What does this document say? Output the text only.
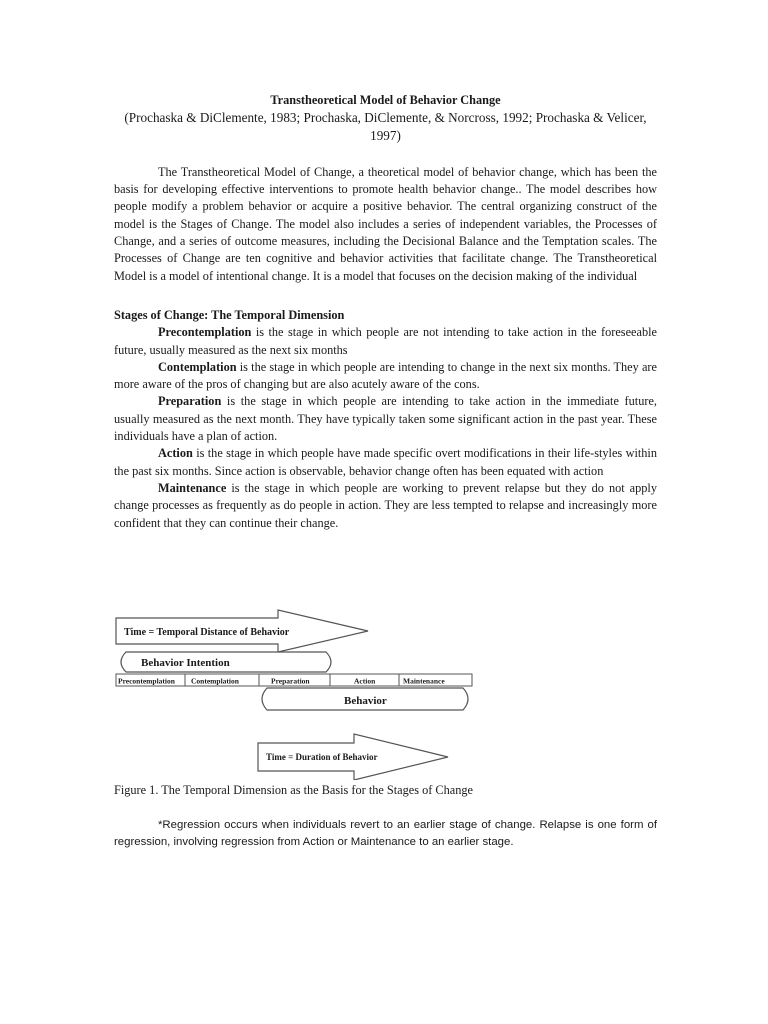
Transtheoretical Model of Behavior Change

(Prochaska & DiClemente, 1983; Prochaska, DiClemente, & Norcross, 1992; Prochaska & Velicer, 1997)

The Transtheoretical Model of Change, a theoretical model of behavior change, which has been the basis for developing effective interventions to promote health behavior change.. The model describes how people modify a problem behavior or acquire a positive behavior. The central organizing construct of the model is the Stages of Change. The model also includes a series of independent variables, the Processes of Change, and a series of outcome measures, including the Decisional Balance and the Temptation scales. The Processes of Change are ten cognitive and behavior activities that facilitate change. The Transtheoretical Model is a model of intentional change. It is a model that focuses on the decision making of the individual

Stages of Change: The Temporal Dimension

Precontemplation is the stage in which people are not intending to take action in the foreseeable future, usually measured as the next six months

Contemplation is the stage in which people are intending to change in the next six months. They are more aware of the pros of changing but are also acutely aware of the cons.

Preparation is the stage in which people are intending to take action in the immediate future, usually measured as the next month. They have typically taken some significant action in the past year. These individuals have a plan of action.

Action is the stage in which people have made specific overt modifications in their life-styles within the past six months. Since action is observable, behavior change often has been equated with action

Maintenance is the stage in which people are working to prevent relapse but they do not apply change processes as frequently as do people in action. They are less tempted to relapse and increasingly more confident that they can continue their change.

Time = Temporal Distance of Behavior
Behavior Intention
Precontemplation Contemplation	Preparation	Action	Maintenance
Behavior
Time = Duration of Behavior

Figure 1. The Temporal Dimension as the Basis for the Stages of Change

*Regression occurs when individuals revert to an earlier stage of change. Relapse is one form of regression, involving regression from Action or Maintenance to an earlier stage.
